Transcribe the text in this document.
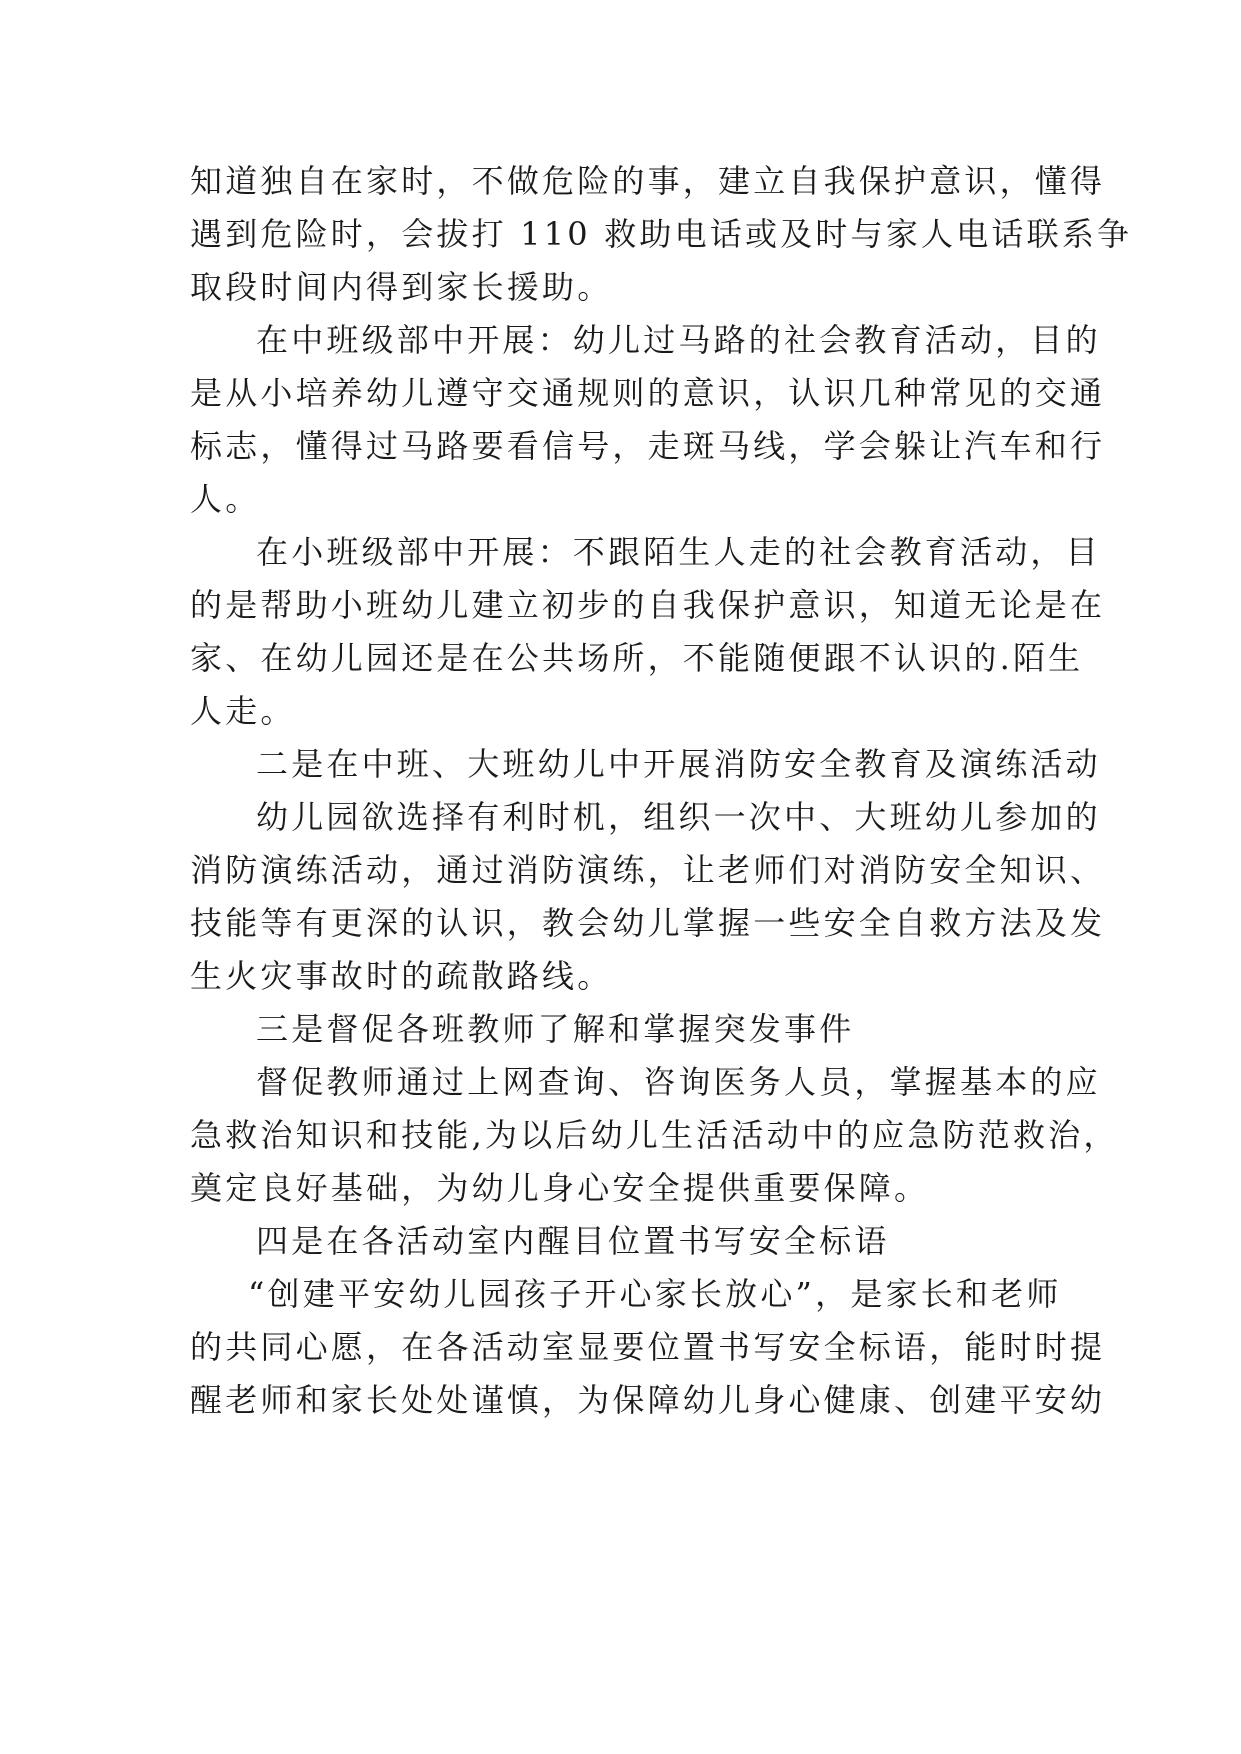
知道独自在家时，不做危险的事，建立自我保护意识，懂得
遇到危险时，会拔打 110 救助电话或及时与家人电话联系争
取段时间内得到家长援助。
在中班级部中开展：幼儿过马路的社会教育活动，目的
是从小培养幼儿遵守交通规则的意识，认识几种常见的交通
标志，懂得过马路要看信号，走斑马线，学会躲让汽车和行
人。
在小班级部中开展：不跟陌生人走的社会教育活动，目
的是帮助小班幼儿建立初步的自我保护意识，知道无论是在
家、在幼儿园还是在公共场所，不能随便跟不认识的.陌生
人走。
二是在中班、大班幼儿中开展消防安全教育及演练活动
幼儿园欲选择有利时机，组织一次中、大班幼儿参加的
消防演练活动，通过消防演练，让老师们对消防安全知识、
技能等有更深的认识，教会幼儿掌握一些安全自救方法及发
生火灾事故时的疏散路线。
三是督促各班教师了解和掌握突发事件
督促教师通过上网查询、咨询医务人员，掌握基本的应
急救治知识和技能,为以后幼儿生活活动中的应急防范救治，
奠定良好基础，为幼儿身心安全提供重要保障。
四是在各活动室内醒目位置书写安全标语
“创建平安幼儿园孩子开心家长放心”，是家长和老师
的共同心愿，在各活动室显要位置书写安全标语，能时时提
醒老师和家长处处谨慎，为保障幼儿身心健康、创建平安幼
